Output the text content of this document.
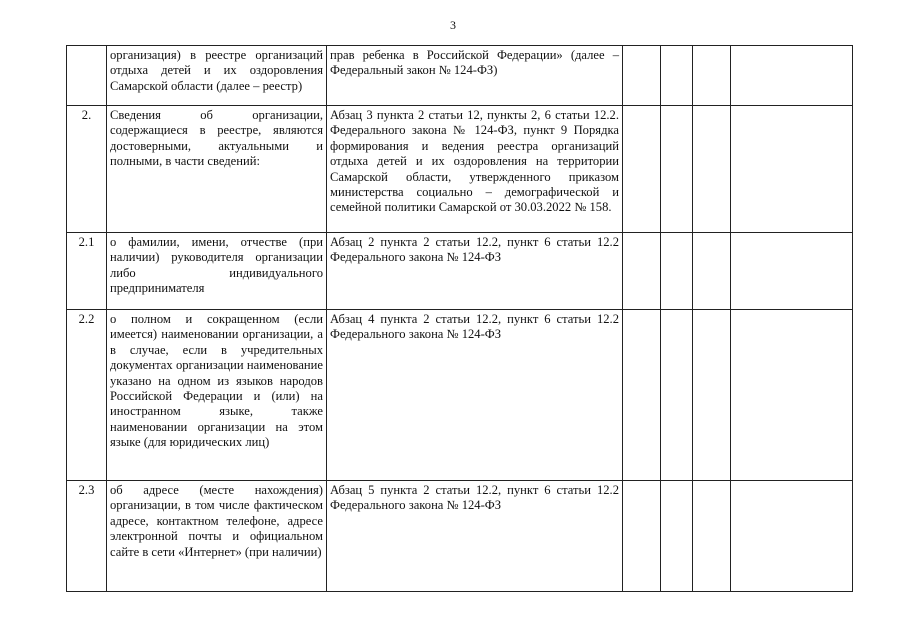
3
	организация) в реестре организаций отдыха детей и их оздоровления Самарской области (далее – реестр)	прав ребенка в Российской Федерации» (далее – Федеральный закон № 124-ФЗ)				
2.	Сведения об организации, содержащиеся в реестре, являются достоверными, актуальными и полными, в части сведений:	Абзац 3 пункта 2 статьи 12, пункты 2, 6 статьи 12.2. Федерального закона № 124-ФЗ, пункт 9 Порядка формирования и ведения реестра организаций отдыха детей и их оздоровления на территории Самарской области, утвержденного приказом министерства социально – демографической и семейной политики Самарской от 30.03.2022 № 158.				
2.1	о фамилии, имени, отчестве (при наличии) руководителя организации либо индивидуального предпринимателя	Абзац 2 пункта 2 статьи 12.2, пункт 6 статьи 12.2 Федерального закона № 124-ФЗ				
2.2	о полном и сокращенном (если имеется) наименовании организации, а в случае, если в учредительных документах организации наименование указано на одном из языков народов Российской Федерации и (или) на иностранном языке, также наименовании организации на этом языке (для юридических лиц)	Абзац 4 пункта 2 статьи 12.2, пункт 6 статьи 12.2 Федерального закона № 124-ФЗ				
2.3	об адресе (месте нахождения) организации, в том числе фактическом адресе, контактном телефоне, адресе электронной почты и официальном сайте в сети «Интернет» (при наличии)	Абзац 5 пункта 2 статьи 12.2, пункт 6 статьи 12.2 Федерального закона № 124-ФЗ				
